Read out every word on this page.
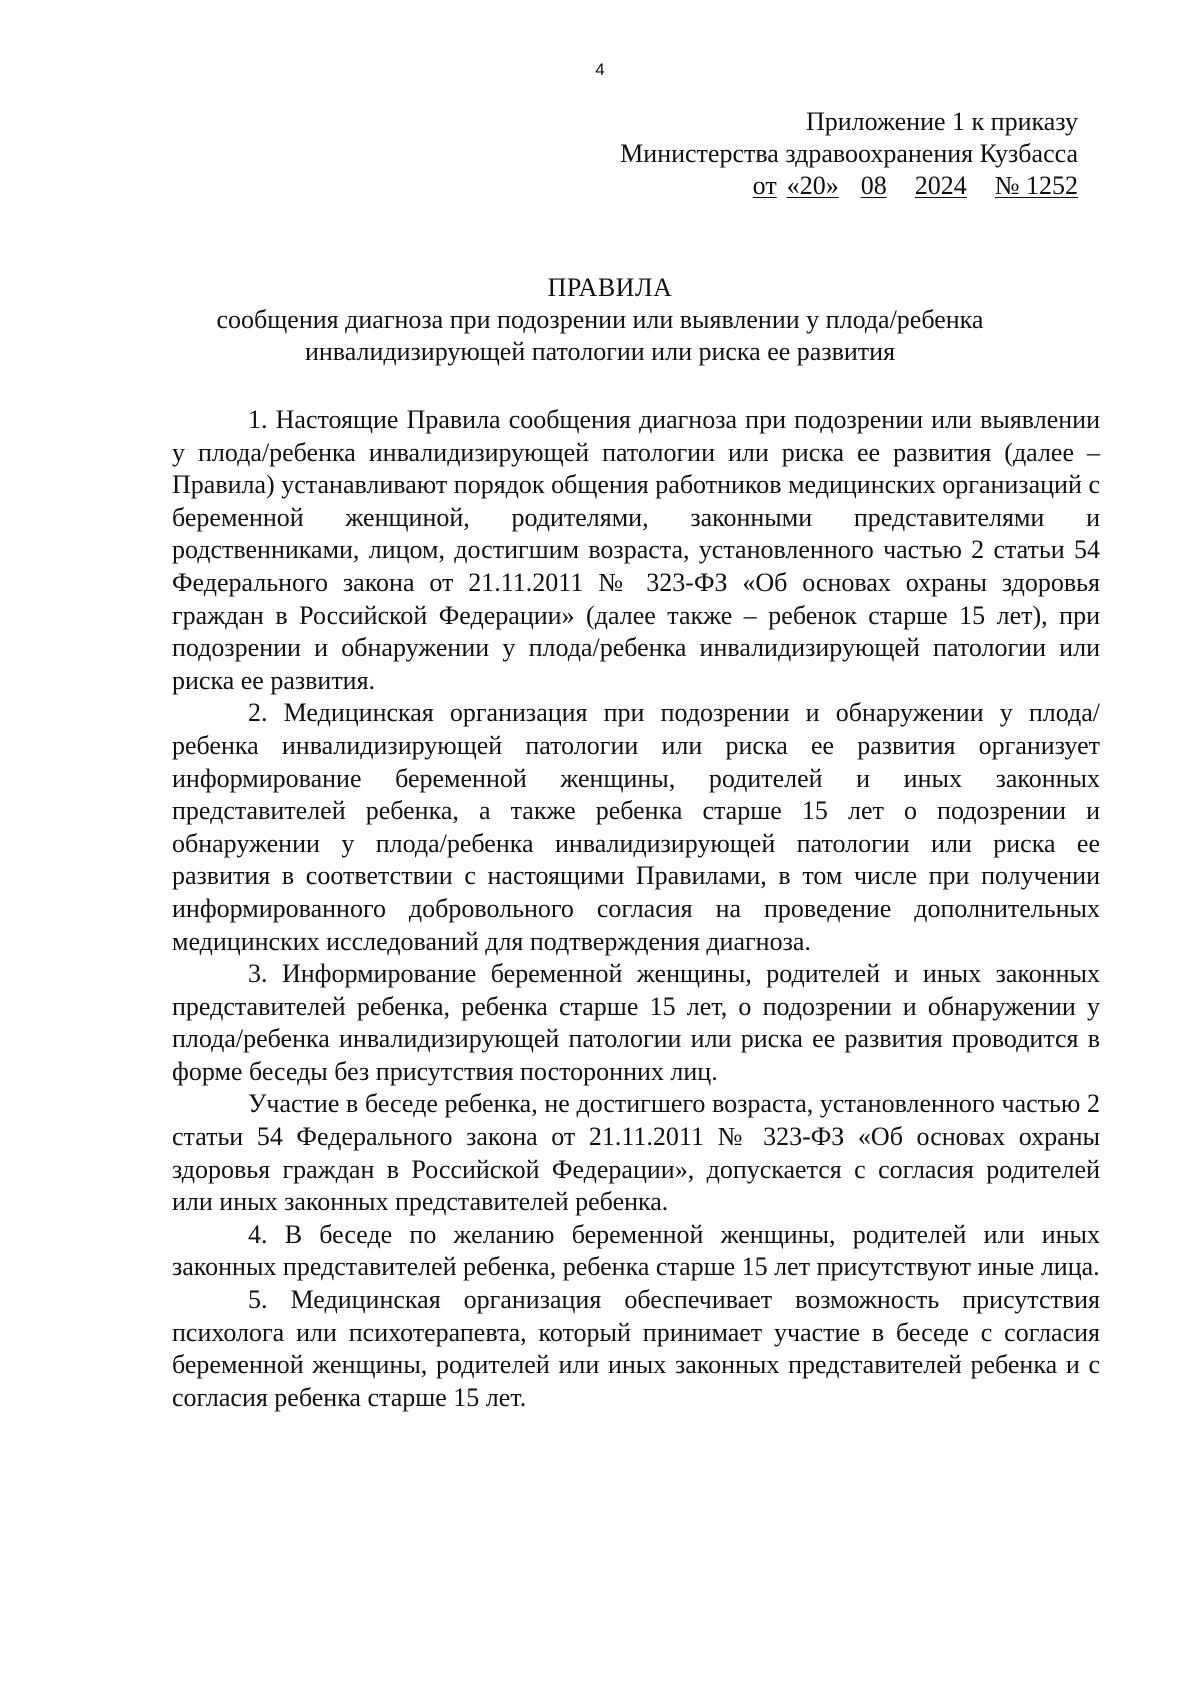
4
Приложение 1 к приказу
Министерства здравоохранения Кузбасса
от «20» 08 2024 № 1252
ПРАВИЛА
сообщения диагноза при подозрении или выявлении у плода/ребенка
инвалидизирующей патологии или риска ее развития

1. Настоящие Правила сообщения диагноза при подозрении или выявлении у плода/ребенка инвалидизирующей патологии или риска ее развития (далее – Правила) устанавливают порядок общения работников медицинских организаций с беременной женщиной, родителями, законными представителями и родственниками, лицом, достигшим возраста, установленного частью 2 статьи 54 Федерального закона от 21.11.2011 № 323-ФЗ «Об основах охраны здоровья граждан в Российской Федерации» (далее также – ребенок старше 15 лет), при подозрении и обнаружении у плода/ребенка инвалидизирующей патологии или риска ее развития.

2. Медицинская организация при подозрении и обнаружении у плода/ребенка инвалидизирующей патологии или риска ее развития организует информирование беременной женщины, родителей и иных законных представителей ребенка, а также ребенка старше 15 лет о подозрении и обнаружении у плода/ребенка инвалидизирующей патологии или риска ее развития в соответствии с настоящими Правилами, в том числе при получении информированного добровольного согласия на проведение дополнительных медицинских исследований для подтверждения диагноза.

3. Информирование беременной женщины, родителей и иных законных представителей ребенка, ребенка старше 15 лет, о подозрении и обнаружении у плода/ребенка инвалидизирующей патологии или риска ее развития проводится в форме беседы без присутствия посторонних лиц.

Участие в беседе ребенка, не достигшего возраста, установленного частью 2 статьи 54 Федерального закона от 21.11.2011 № 323-ФЗ «Об основах охраны здоровья граждан в Российской Федерации», допускается с согласия родителей или иных законных представителей ребенка.

4. В беседе по желанию беременной женщины, родителей или иных законных представителей ребенка, ребенка старше 15 лет присутствуют иные лица.

5. Медицинская организация обеспечивает возможность присутствия психолога или психотерапевта, который принимает участие в беседе с согласия беременной женщины, родителей или иных законных представителей ребенка и с согласия ребенка старше 15 лет.
